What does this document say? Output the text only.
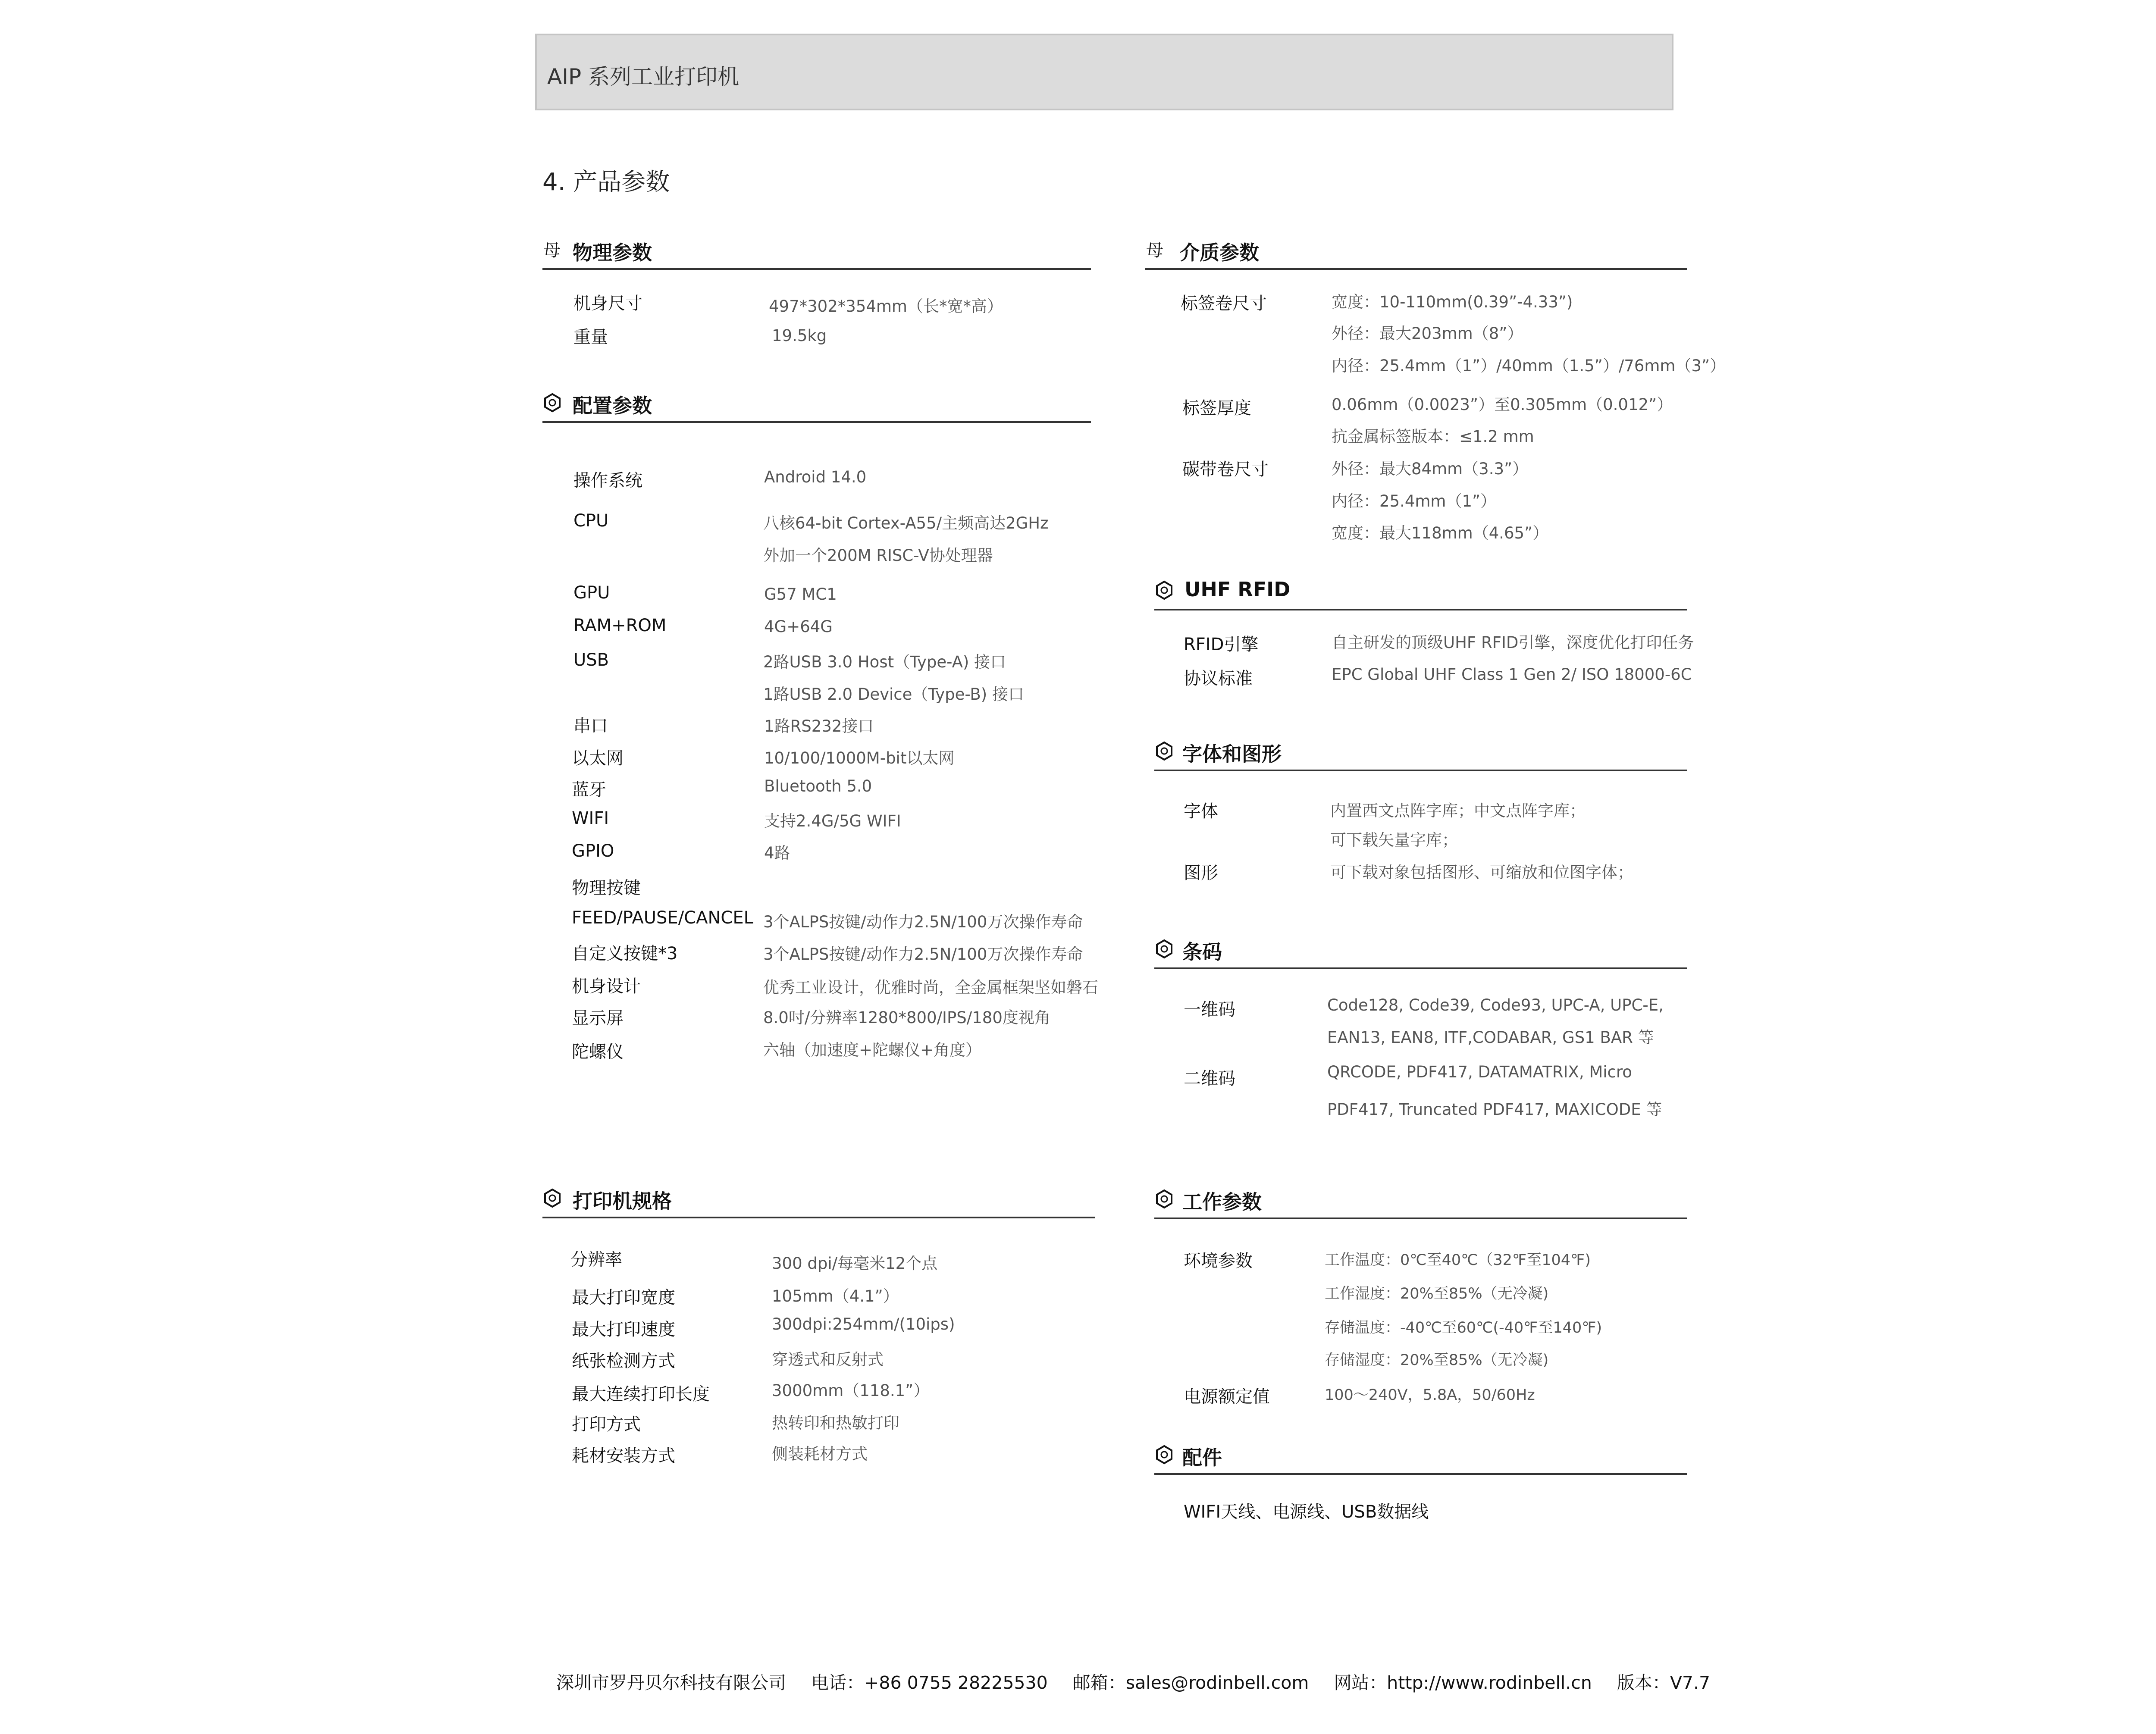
AIP 系列工业打印机
4. 产品参数
母 物理参数
机身尺寸	497*302*354mm（长*宽*高）
重量	19.5kg
配置参数
操作系统	Android 14.0
CPU	八核64-bit Cortex-A55/主频高达2GHz
外加一个200M RISC-V协处理器
GPU	G57 MC1
RAM+ROM	4G+64G
USB	2路USB 3.0 Host（Type-A) 接口
1路USB 2.0 Device（Type-B) 接口
串口	1路RS232接口
以太网	10/100/1000M-bit以太网
蓝牙	Bluetooth 5.0
WIFI	支持2.4G/5G WIFI
GPIO	4路
物理按键
FEED/PAUSE/CANCEL 3个ALPS按键/动作力2.5N/100万次操作寿命
自定义按键*3	3个ALPS按键/动作力2.5N/100万次操作寿命
机身设计	优秀工业设计，优雅时尚，全金属框架坚如磐石
显示屏	8.0吋/分辨率1280*800/IPS/180度视角
陀螺仪	六轴（加速度+陀螺仪+角度）
打印机规格
分辨率	300 dpi/每毫米12个点
最大打印宽度	105mm（4.1”）
最大打印速度	300dpi:254mm/(10ips)
纸张检测方式	穿透式和反射式
最大连续打印长度	3000mm（118.1”）
打印方式	热转印和热敏打印
耗材安装方式	侧装耗材方式
母 介质参数
标签卷尺寸	宽度：10-110mm(0.39”-4.33”)
外径：最大203mm（8”）
内径：25.4mm（1”）/40mm（1.5”）/76mm（3”）
标签厚度	0.06mm（0.0023”）至0.305mm（0.012”）
抗金属标签版本：≤1.2 mm
碳带卷尺寸	外径：最大84mm（3.3”）
内径：25.4mm（1”）
宽度：最大118mm（4.65”）
UHF RFID
RFID引擎	自主研发的顶级UHF RFID引擎，深度优化打印任务
协议标准	EPC Global UHF Class 1 Gen 2/ ISO 18000-6C
字体和图形
字体	内置西文点阵字库；中文点阵字库；
可下载矢量字库；
图形	可下载对象包括图形、可缩放和位图字体；
条码
一维码	Code128, Code39, Code93, UPC-A, UPC-E,
EAN13, EAN8, ITF,CODABAR, GS1 BAR 等
二维码	QRCODE, PDF417, DATAMATRIX, Micro
PDF417, Truncated PDF417, MAXICODE 等
工作参数
环境参数	工作温度：0℃至40℃（32℉至104℉)
工作湿度：20%至85%（无冷凝)
存储温度：-40℃至60℃(-40℉至140℉)
存储湿度：20%至85%（无冷凝)
电源额定值	100～240V，5.8A，50/60Hz
配件
WIFI天线、电源线、USB数据线
深圳市罗丹贝尔科技有限公司 电话：+86 0755 28225530 邮箱：sales@rodinbell.com 网站：http://www.rodinbell.cn 版本：V7.7
